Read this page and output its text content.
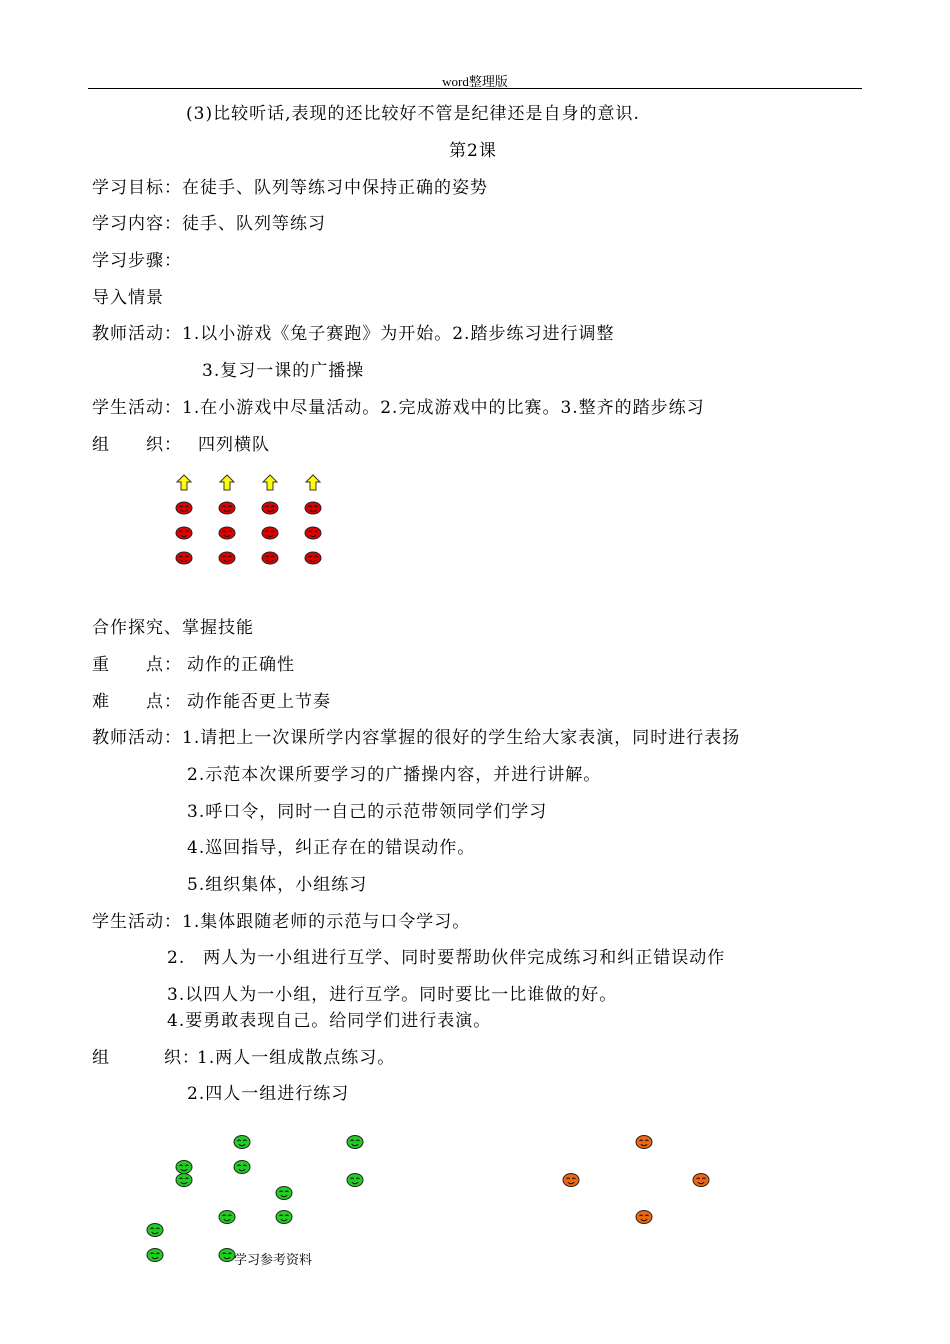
word整理版
(3)比较听话,表现的还比较好不管是纪律还是自身的意识.
第2课
学习目标：在徒手、队列等练习中保持正确的姿势
学习内容：徒手、队列等练习
学习步骤：
导入情景
教师活动：1.以小游戏《兔子赛跑》为开始。2.踏步练习进行调整
3.复习一课的广播操
学生活动：1.在小游戏中尽量活动。2.完成游戏中的比赛。3.整齐的踏步练习
组　　织： 四列横队
合作探究、掌握技能
重　　点： 动作的正确性
难　　点： 动作能否更上节奏
教师活动：1.请把上一次课所学内容掌握的很好的学生给大家表演，同时进行表扬
2.示范本次课所要学习的广播操内容，并进行讲解。
3.呼口令，同时一自己的示范带领同学们学习
4.巡回指导，纠正存在的错误动作。
5.组织集体，小组练习
学生活动：1.集体跟随老师的示范与口令学习。
2.　两人为一小组进行互学、同时要帮助伙伴完成练习和纠正错误动作
3.以四人为一小组，进行互学。同时要比一比谁做的好。
4.要勇敢表现自己。给同学们进行表演。
组　　　织：
1.两人一组成散点练习。
2.四人一组进行练习
学习参考资料
